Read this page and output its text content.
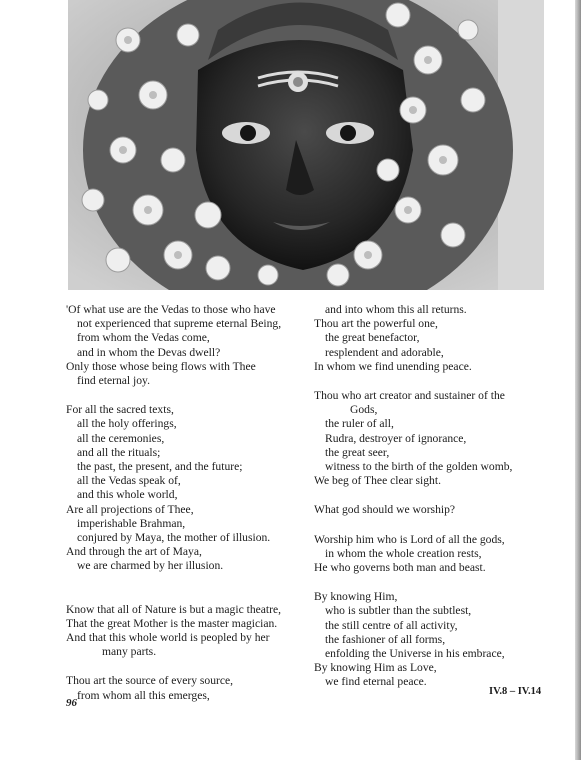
'Of what use are the Vedas to those who have
not experienced that supreme eternal Being,
from whom the Vedas come,
and in whom the Devas dwell?
Only those whose being flows with Thee
find eternal joy.
For all the sacred texts,
all the holy offerings,
all the ceremonies,
and all the rituals;
the past, the present, and the future;
all the Vedas speak of,
and this whole world,
Are all projections of Thee,
imperishable Brahman,
conjured by Maya, the mother of illusion.
And through the art of Maya,
we are charmed by her illusion.
Know that all of Nature is but a magic theatre,
That the great Mother is the master magician.
And that this whole world is peopled by her
many parts.
Thou art the source of every source,
from whom all this emerges,
and into whom this all returns.
Thou art the powerful one,
the great benefactor,
resplendent and adorable,
In whom we find unending peace.
Thou who art creator and sustainer of the
Gods,
the ruler of all,
Rudra, destroyer of ignorance,
the great seer,
witness to the birth of the golden womb,
We beg of Thee clear sight.
What god should we worship?
Worship him who is Lord of all the gods,
in whom the whole creation rests,
He who governs both man and beast.
By knowing Him,
who is subtler than the subtlest,
the still centre of all activity,
the fashioner of all forms,
enfolding the Universe in his embrace,
By knowing Him as Love,
we find eternal peace.
96
IV.8 – IV.14
